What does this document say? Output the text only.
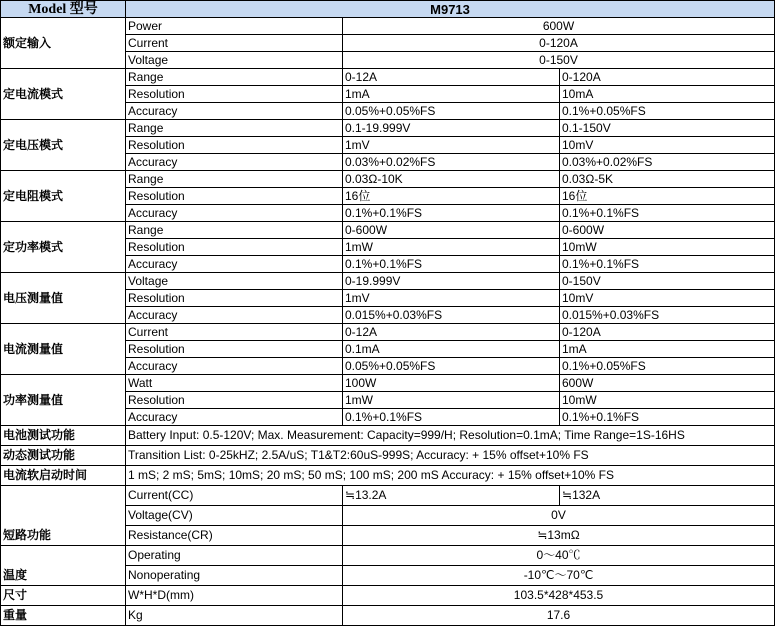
Model 型号	M9713		
额定输入	Power	600W	
	Current	0-120A	
	Voltage	0-150V	
定电流模式	Range	0-12A	0-120A
	Resolution	1mA	10mA
	Accuracy	0.05%+0.05%FS	0.1%+0.05%FS
定电压模式	Range	0.1-19.999V	0.1-150V
	Resolution	1mV	10mV
	Accuracy	0.03%+0.02%FS	0.03%+0.02%FS
定电阻模式	Range	0.03Ω-10K	0.03Ω-5K
	Resolution	16位	16位
	Accuracy	0.1%+0.1%FS	0.1%+0.1%FS
定功率模式	Range	0-600W	0-600W
	Resolution	1mW	10mW
	Accuracy	0.1%+0.1%FS	0.1%+0.1%FS
电压测量值	Voltage	0-19.999V	0-150V
	Resolution	1mV	10mV
	Accuracy	0.015%+0.03%FS	0.015%+0.03%FS
电流测量值	Current	0-12A	0-120A
	Resolution	0.1mA	1mA
	Accuracy	0.05%+0.05%FS	0.1%+0.05%FS
功率测量值	Watt	100W	600W
	Resolution	1mW	10mW
	Accuracy	0.1%+0.1%FS	0.1%+0.1%FS
电池测试功能	Battery Input: 0.5-120V; Max. Measurement: Capacity=999/H; Resolution=0.1mA; Time Range=1S-16HS		
动态测试功能	Transition List: 0-25kHZ; 2.5A/uS; T1&T2:60uS-999S; Accuracy: + 15% offset+10% FS		
电流软启动时间	1 mS; 2 mS; 5mS; 10mS; 20 mS; 50 mS; 100 mS; 200 mS Accuracy: + 15% offset+10% FS		
短路功能	Current(CC)	≒13.2A	≒132A
	Voltage(CV)	0V	
	Resistance(CR)	≒13mΩ	
温度	Operating	0～40℃	
	Nonoperating	-10℃～70℃	
尺寸	W*H*D(mm)	103.5*428*453.5	
重量	Kg	17.6	
